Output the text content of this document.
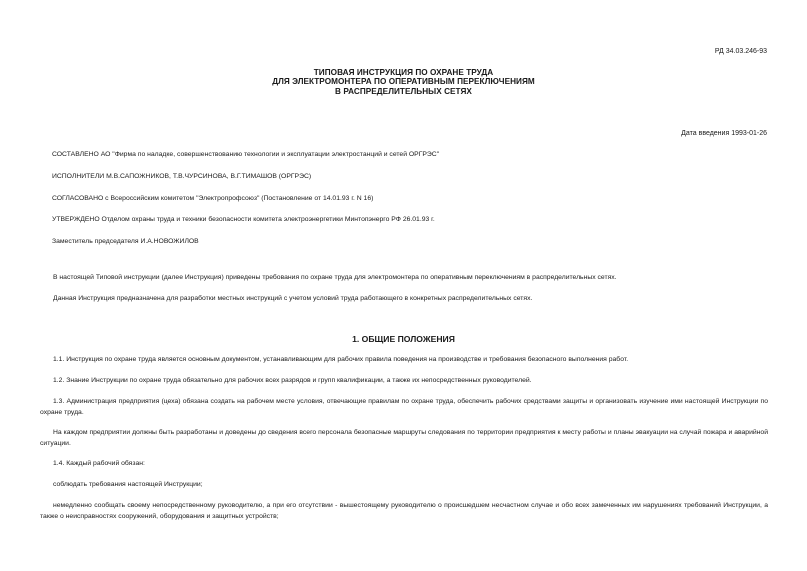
РД 34.03.246-93
ТИПОВАЯ ИНСТРУКЦИЯ ПО ОХРАНЕ ТРУДА
ДЛЯ ЭЛЕКТРОМОНТЕРА ПО ОПЕРАТИВНЫМ ПЕРЕКЛЮЧЕНИЯМ
В РАСПРЕДЕЛИТЕЛЬНЫХ СЕТЯХ
Дата введения 1993-01-26
СОСТАВЛЕНО АО "Фирма по наладке, совершенствованию технологии и эксплуатации электростанций и сетей ОРГРЭС"
ИСПОЛНИТЕЛИ М.В.САПОЖНИКОВ, Т.В.ЧУРСИНОВА, В.Г.ТИМАШОВ (ОРГРЭС)
СОГЛАСОВАНО с Всероссийским комитетом "Электропрофсоюз" (Постановление от 14.01.93 г. N 16)
УТВЕРЖДЕНО Отделом охраны труда и техники безопасности комитета электроэнергетики Минтопэнерго РФ 26.01.93 г.
Заместитель председателя И.А.НОВОЖИЛОВ
В настоящей Типовой инструкции (далее Инструкция) приведены требования по охране труда для электромонтера по оперативным переключениям в распределительных сетях.
Данная Инструкция предназначена для разработки местных инструкций с учетом условий труда работающего в конкретных распределительных сетях.
1. ОБЩИЕ ПОЛОЖЕНИЯ
1.1. Инструкция по охране труда является основным документом, устанавливающим для рабочих правила поведения на производстве и требования безопасного выполнения работ.
1.2. Знание Инструкции по охране труда обязательно для рабочих всех разрядов и групп квалификации, а также их непосредственных руководителей.
1.3. Администрация предприятия (цеха) обязана создать на рабочем месте условия, отвечающие правилам по охране труда, обеспечить рабочих средствами защиты и организовать изучение ими настоящей Инструкции по охране труда.
На каждом предприятии должны быть разработаны и доведены до сведения всего персонала безопасные маршруты следования по территории предприятия к месту работы и планы эвакуации на случай пожара и аварийной ситуации.
1.4. Каждый рабочий обязан:
соблюдать требования настоящей Инструкции;
немедленно сообщать своему непосредственному руководителю, а при его отсутствии - вышестоящему руководителю о происшедшем несчастном случае и обо всех замеченных им нарушениях требований Инструкции, а также о неисправностях сооружений, оборудования и защитных устройств;
